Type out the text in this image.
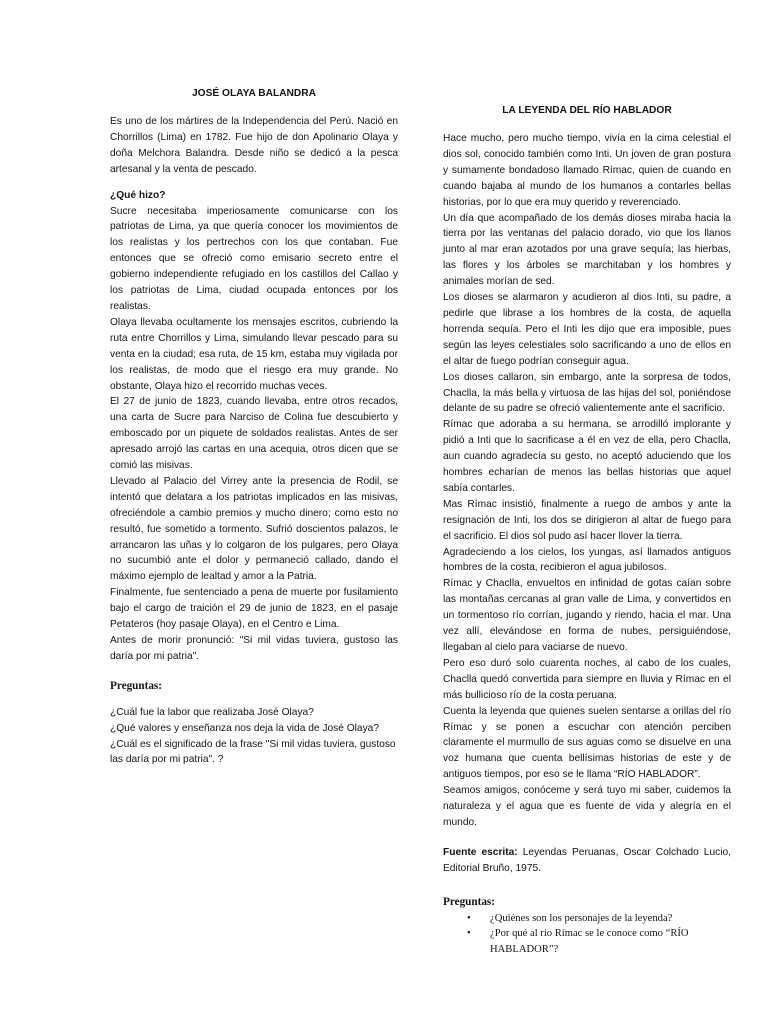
JOSÉ OLAYA BALANDRA

Es uno de los mártires de la Independencia del Perú. Nació en Chorrillos (Lima) en 1782. Fue hijo de don Apolinario Olaya y doña Melchora Balandra. Desde niño se dedicó a la pesca artesanal y la venta de pescado.

¿Qué hizo?

Sucre necesitaba imperiosamente comunicarse con los patriotas de Lima, ya que quería conocer los movimientos de los realistas y los pertrechos con los que contaban. Fue entonces que se ofreció como emisario secreto entre el gobierno independiente refugiado en los castillos del Callao y los patriotas de Lima, ciudad ocupada entonces por los realistas.

Olaya llevaba ocultamente los mensajes escritos, cubriendo la ruta entre Chorrillos y Lima, simulando llevar pescado para su venta en la ciudad; esa ruta, de 15 km, estaba muy vigilada por los realistas, de modo que el riesgo era muy grande. No obstante, Olaya hizo el recorrido muchas veces.

El 27 de junio de 1823, cuando llevaba, entre otros recados, una carta de Sucre para Narciso de Colina fue descubierto y emboscado por un piquete de soldados realistas. Antes de ser apresado arrojó las cartas en una acequia, otros dicen que se comió las misivas.

Llevado al Palacio del Virrey ante la presencia de Rodil, se intentó que delatara a los patriotas implicados en las misivas, ofreciéndole a cambio premios y mucho dinero; como esto no resultó, fue sometido a tormento. Sufrió doscientos palazos, le arrancaron las uñas y lo colgaron de los pulgares, pero Olaya no sucumbió ante el dolor y permaneció callado, dando el máximo ejemplo de lealtad y amor a la Patria.

Finalmente, fue sentenciado a pena de muerte por fusilamiento bajo el cargo de traición el 29 de junio de 1823, en el pasaje Petateros (hoy pasaje Olaya), en el Centro e Lima.

Antes de morir pronunció: "Si mil vidas tuviera, gustoso las daría por mi patria".

Preguntas:

¿Cuál fue la labor que realizaba José Olaya?

¿Qué valores y enseñanza nos deja la vida de José Olaya?

¿Cuál es el significado de la frase "Si mil vidas tuviera, gustoso las daría por mi patria". ?

LA LEYENDA DEL RÍO HABLADOR

Hace mucho, pero mucho tiempo, vivía en la cima celestial el dios sol, conocido también como Inti. Un joven de gran postura y sumamente bondadoso llamado Rímac, quien de cuando en cuando bajaba al mundo de los humanos a contarles bellas historias, por lo que era muy querido y reverenciado.

Un día que acompañado de los demás dioses miraba hacia la tierra por las ventanas del palacio dorado, vio que los llanos junto al mar eran azotados por una grave sequía; las hierbas, las flores y los árboles se marchitaban y los hombres y animales morían de sed.

Los dioses se alarmaron y acudieron al dios Inti, su padre, a pedirle que librase a los hombres de la costa, de aquella horrenda sequía. Pero el Inti les dijo que era imposible, pues según las leyes celestiales solo sacrificando a uno de ellos en el altar de fuego podrían conseguir agua.

Los dioses callaron, sin embargo, ante la sorpresa de todos, Chaclla, la más bella y virtuosa de las hijas del sol, poniéndose delante de su padre se ofreció valientemente ante el sacrificio.

Rímac que adoraba a su hermana, se arrodilló implorante y pidió a Inti que lo sacrificase a él en vez de ella, pero Chaclla, aun cuando agradecía su gesto, no aceptó aduciendo que los hombres echarían de menos las bellas historias que aquel sabía contarles.

Mas Rímac insistió, finalmente a ruego de ambos y ante la resignación de Inti, los dos se dirigieron al altar de fuego para el sacrificio. El dios sol pudo así hacer llover la tierra.

Agradeciendo a los cielos, los yungas, así llamados antiguos hombres de la costa, recibieron el agua jubilosos.

Rímac y Chaclla, envueltos en infinidad de gotas caían sobre las montañas cercanas al gran valle de Lima, y convertidos en un tormentoso río corrían, jugando y riendo, hacia el mar. Una vez allí, elevándose en forma de nubes, persiguiéndose, llegaban al cielo para vaciarse de nuevo.

Pero eso duró solo cuarenta noches, al cabo de los cuales, Chaclla quedó convertida para siempre en lluvia y Rímac en el más bullicioso río de la costa peruana.

Cuenta la leyenda que quienes suelen sentarse a orillas del río Rímac y se ponen a escuchar con atención perciben claramente el murmullo de sus aguas como se disuelve en una voz humana que cuenta bellísimas historias de este y de antiguos tiempos, por eso se le llama “RÍO HABLADOR”.

Seamos amigos, conóceme y será tuyo mi saber, cuidemos la naturaleza y el agua que es fuente de vida y alegría en el mundo.

Fuente escrita: Leyendas Peruanas, Oscar Colchado Lucio, Editorial Bruño, 1975.

Preguntas:

• ¿Quiénes son los personajes de la leyenda?
• ¿Por qué al río Rímac se le conoce como “RÍO HABLADOR”?
